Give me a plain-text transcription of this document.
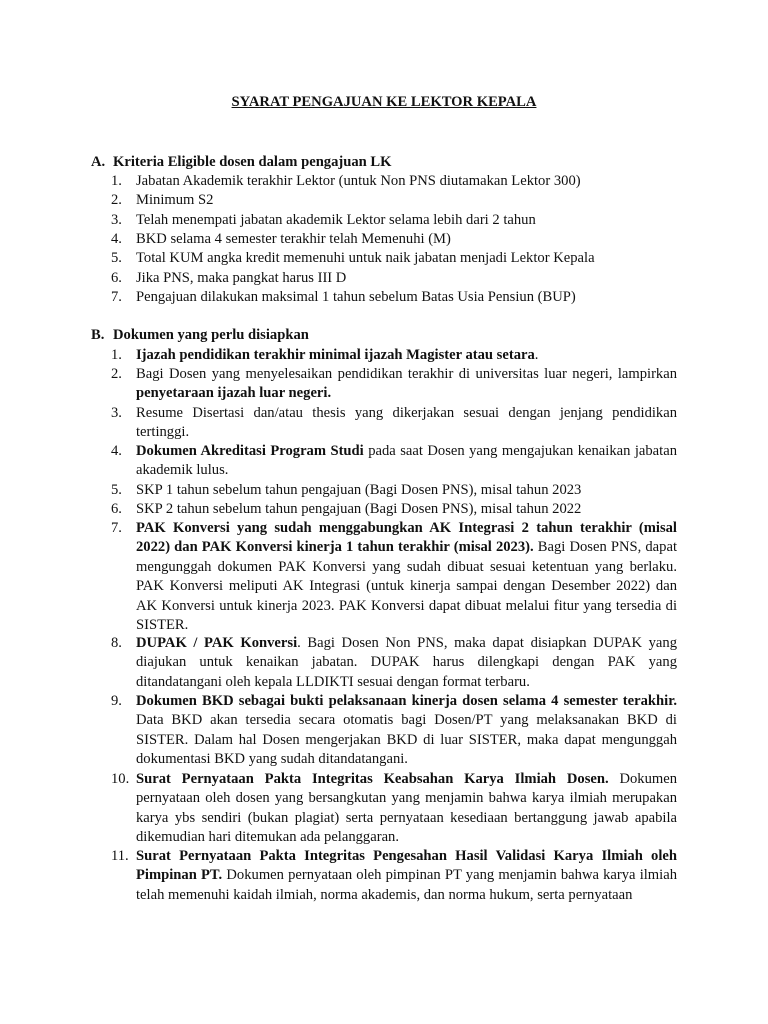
SYARAT PENGAJUAN KE LEKTOR KEPALA
A. Kriteria Eligible dosen dalam pengajuan LK
1. Jabatan Akademik terakhir Lektor (untuk Non PNS diutamakan Lektor 300)
2. Minimum S2
3. Telah menempati jabatan akademik Lektor selama lebih dari 2 tahun
4. BKD selama 4 semester terakhir telah Memenuhi (M)
5. Total KUM angka kredit memenuhi untuk naik jabatan menjadi Lektor Kepala
6. Jika PNS, maka pangkat harus III D
7. Pengajuan dilakukan maksimal 1 tahun sebelum Batas Usia Pensiun (BUP)
B. Dokumen yang perlu disiapkan
1. Ijazah pendidikan terakhir minimal ijazah Magister atau setara.
2. Bagi Dosen yang menyelesaikan pendidikan terakhir di universitas luar negeri, lampirkan penyetaraan ijazah luar negeri.
3. Resume Disertasi dan/atau thesis yang dikerjakan sesuai dengan jenjang pendidikan tertinggi.
4. Dokumen Akreditasi Program Studi pada saat Dosen yang mengajukan kenaikan jabatan akademik lulus.
5. SKP 1 tahun sebelum tahun pengajuan (Bagi Dosen PNS), misal tahun 2023
6. SKP 2 tahun sebelum tahun pengajuan (Bagi Dosen PNS), misal tahun 2022
7. PAK Konversi yang sudah menggabungkan AK Integrasi 2 tahun terakhir (misal 2022) dan PAK Konversi kinerja 1 tahun terakhir (misal 2023). Bagi Dosen PNS, dapat mengunggah dokumen PAK Konversi yang sudah dibuat sesuai ketentuan yang berlaku. PAK Konversi meliputi AK Integrasi (untuk kinerja sampai dengan Desember 2022) dan AK Konversi untuk kinerja 2023. PAK Konversi dapat dibuat melalui fitur yang tersedia di SISTER.
8. DUPAK / PAK Konversi. Bagi Dosen Non PNS, maka dapat disiapkan DUPAK yang diajukan untuk kenaikan jabatan. DUPAK harus dilengkapi dengan PAK yang ditandatangani oleh kepala LLDIKTI sesuai dengan format terbaru.
9. Dokumen BKD sebagai bukti pelaksanaan kinerja dosen selama 4 semester terakhir. Data BKD akan tersedia secara otomatis bagi Dosen/PT yang melaksanakan BKD di SISTER. Dalam hal Dosen mengerjakan BKD di luar SISTER, maka dapat mengunggah dokumentasi BKD yang sudah ditandatangani.
10. Surat Pernyataan Pakta Integritas Keabsahan Karya Ilmiah Dosen. Dokumen pernyataan oleh dosen yang bersangkutan yang menjamin bahwa karya ilmiah merupakan karya ybs sendiri (bukan plagiat) serta pernyataan kesediaan bertanggung jawab apabila dikemudian hari ditemukan ada pelanggaran.
11. Surat Pernyataan Pakta Integritas Pengesahan Hasil Validasi Karya Ilmiah oleh Pimpinan PT. Dokumen pernyataan oleh pimpinan PT yang menjamin bahwa karya ilmiah telah memenuhi kaidah ilmiah, norma akademis, dan norma hukum, serta pernyataan
